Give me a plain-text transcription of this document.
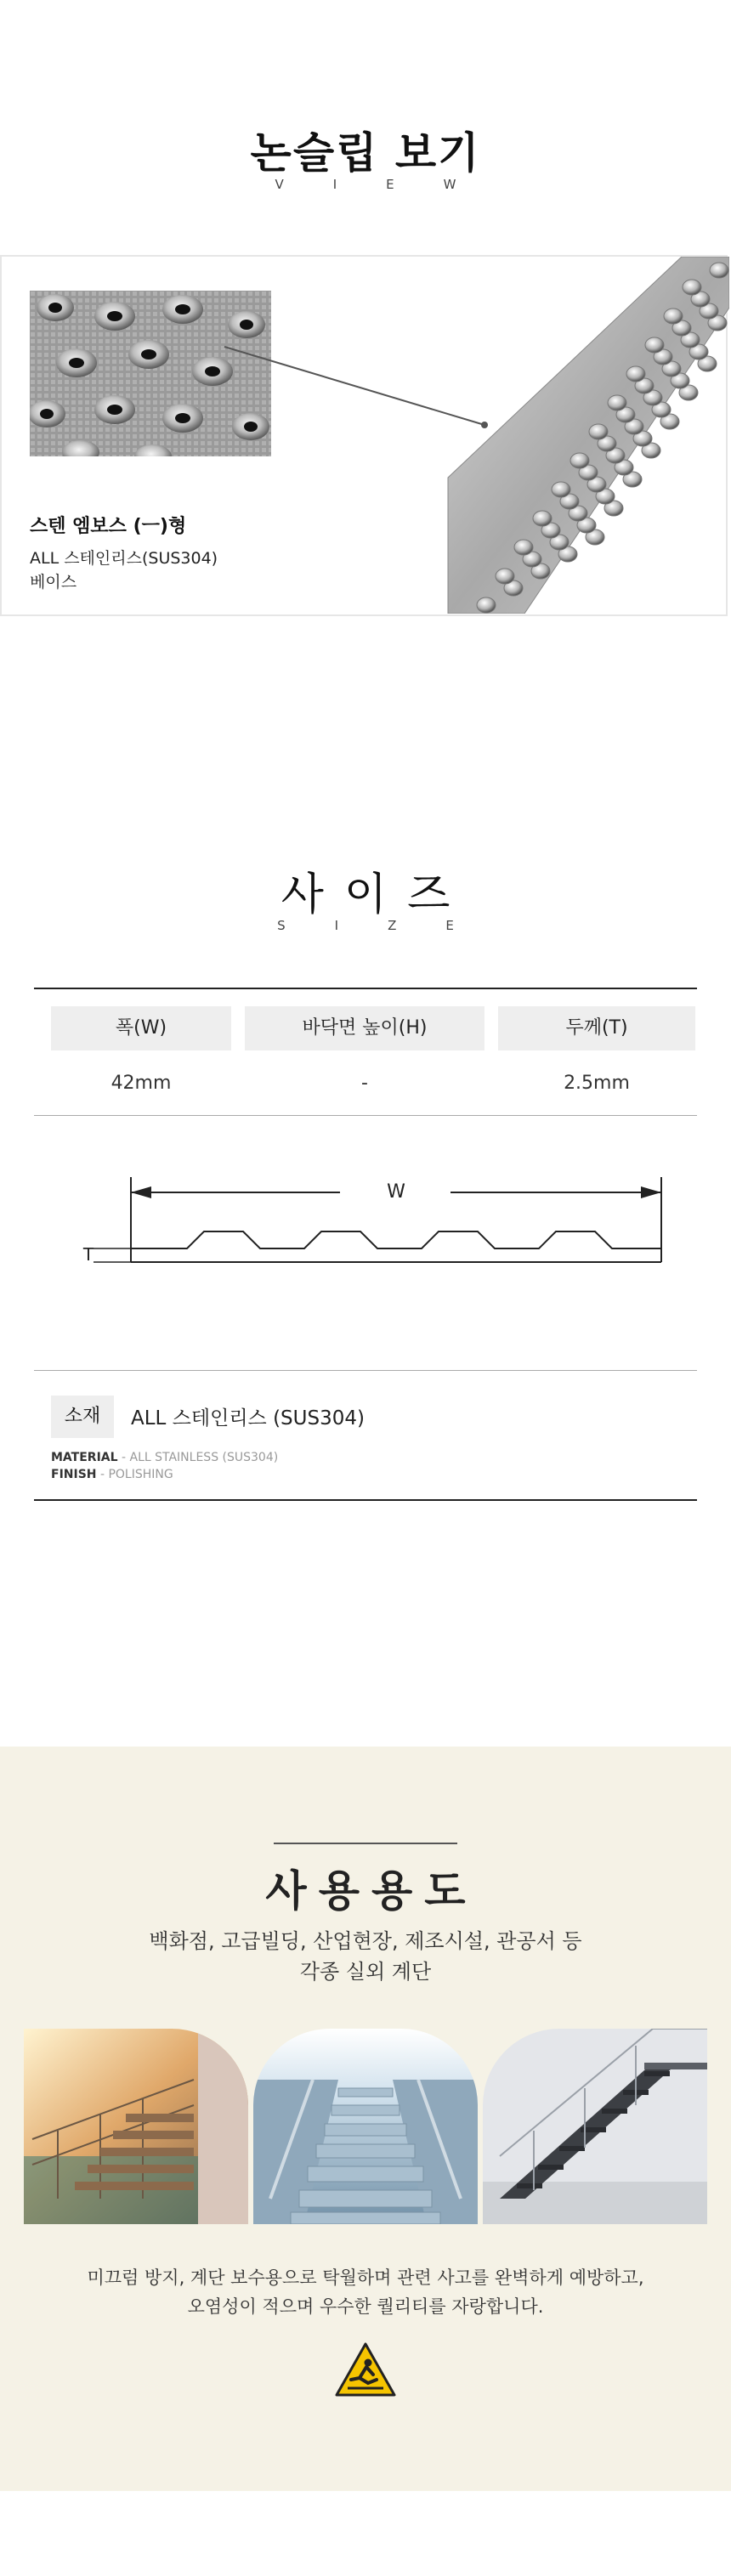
논슬립 보기
VIEW
스텐 엠보스 (ㅡ)형
ALL 스테인리스(SUS304)
베이스
사이즈
SIZE
폭(W)	바닥면 높이(H)	두께(T)
42mm	-	2.5mm
W
T
소재	ALL 스테인리스 (SUS304)
MATERIAL - ALL STAINLESS (SUS304)
FINISH - POLISHING
사용용도
백화점, 고급빌딩, 산업현장, 제조시설, 관공서 등
각종 실외 계단
미끄럼 방지, 계단 보수용으로 탁월하며 관련 사고를 완벽하게 예방하고,
오염성이 적으며 우수한 퀄리티를 자랑합니다.
